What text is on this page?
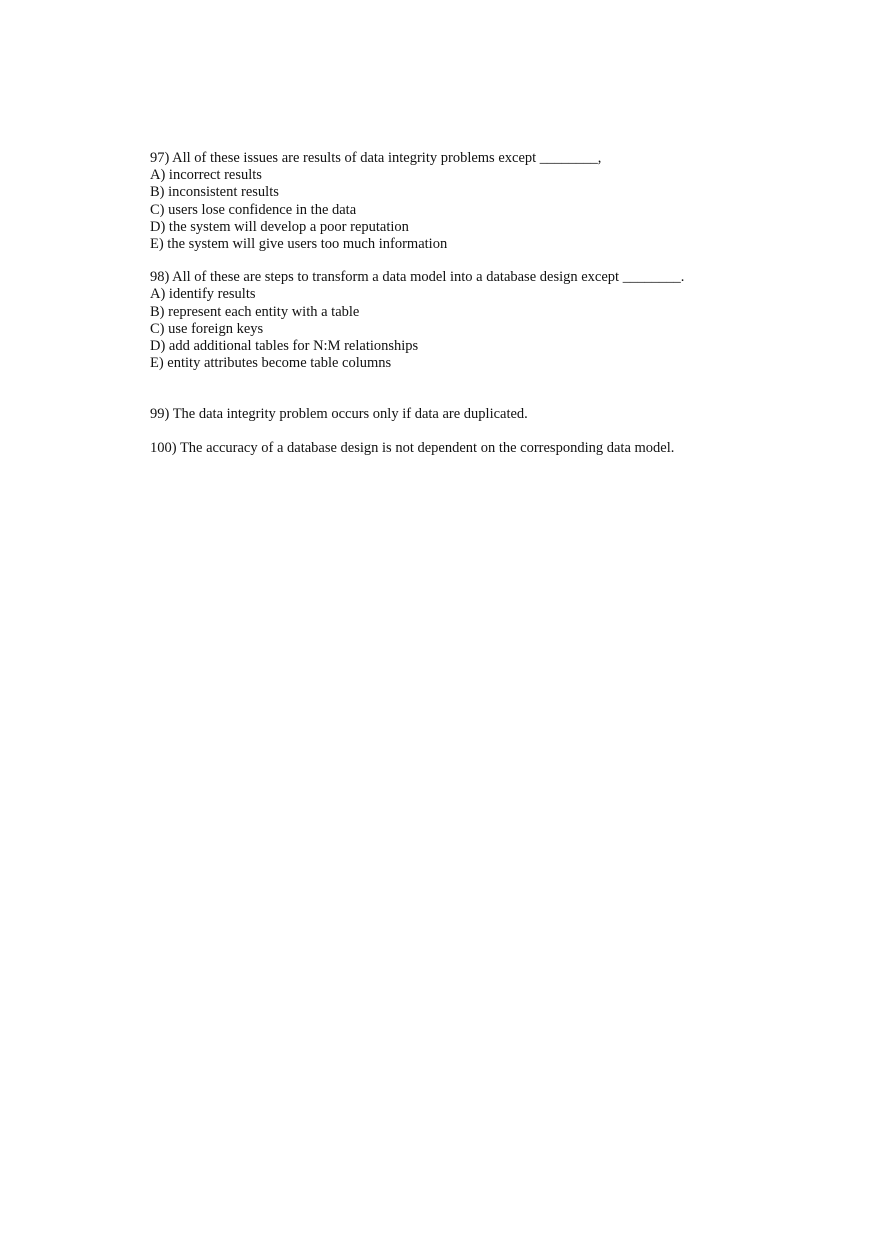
97) All of these issues are results of data integrity problems except ________,
A) incorrect results
B) inconsistent results
C) users lose confidence in the data
D) the system will develop a poor reputation
E) the system will give users too much information
98) All of these are steps to transform a data model into a database design except ________.
A) identify results
B) represent each entity with a table
C) use foreign keys
D) add additional tables for N:M relationships
E) entity attributes become table columns
99) The data integrity problem occurs only if data are duplicated.
100) The accuracy of a database design is not dependent on the corresponding data model.
